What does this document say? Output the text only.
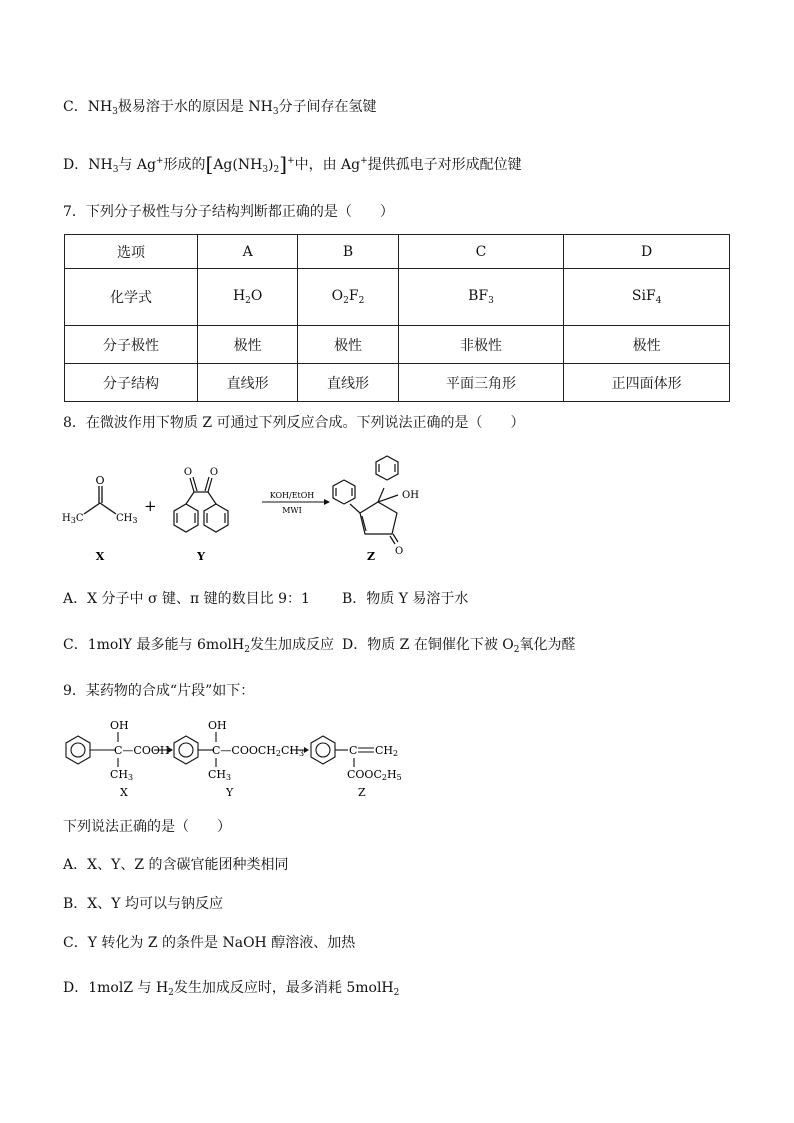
C．$NH_3$极易溶于水的原因是 $NH_3$分子间存在氢键
D．$NH_3$与 Ag+形成的$[Ag(NH_3)_2]^+$中，由 Ag+提供孤电子对形成配位键
7．下列分子极性与分子结构判断都正确的是（　　）
选项	A	B	C	D
化学式	$H_2O$	$O_2F_2$	$BF_3$	SiF$_4$
分子极性	极性	极性	非极性	极性
分子结构	直线形	直线形	平面三角形	正四面体形
8．在微波作用下物质 Z 可通过下列反应合成。下列说法正确的是（　　）
O
$H_3C$	$CH_3$
X
+
O O
Y
KOH/EtOH
MWI
OH
O
Z
A．X 分子中 σ 键、π 键的数目比 9：1 B．物质 Y 易溶于水
C．1molY 最多能与 6molH$_2$发生加成反应 D．物质 Z 在铜催化下被 $O_2$氧化为醛
9．某药物的合成“片段”如下：
OH
C—COOH
CH3
X
OH
C—COOCH2CH3
CH3
Y
C CH2
COOC2H5
Z
下列说法正确的是（　　）
A．X、Y、Z 的含碳官能团种类相同
B．X、Y 均可以与钠反应
C．Y 转化为 Z 的条件是 NaOH 醇溶液、加热
D．1molZ 与 $H_2$发生加成反应时，最多消耗 5molH$_2$
